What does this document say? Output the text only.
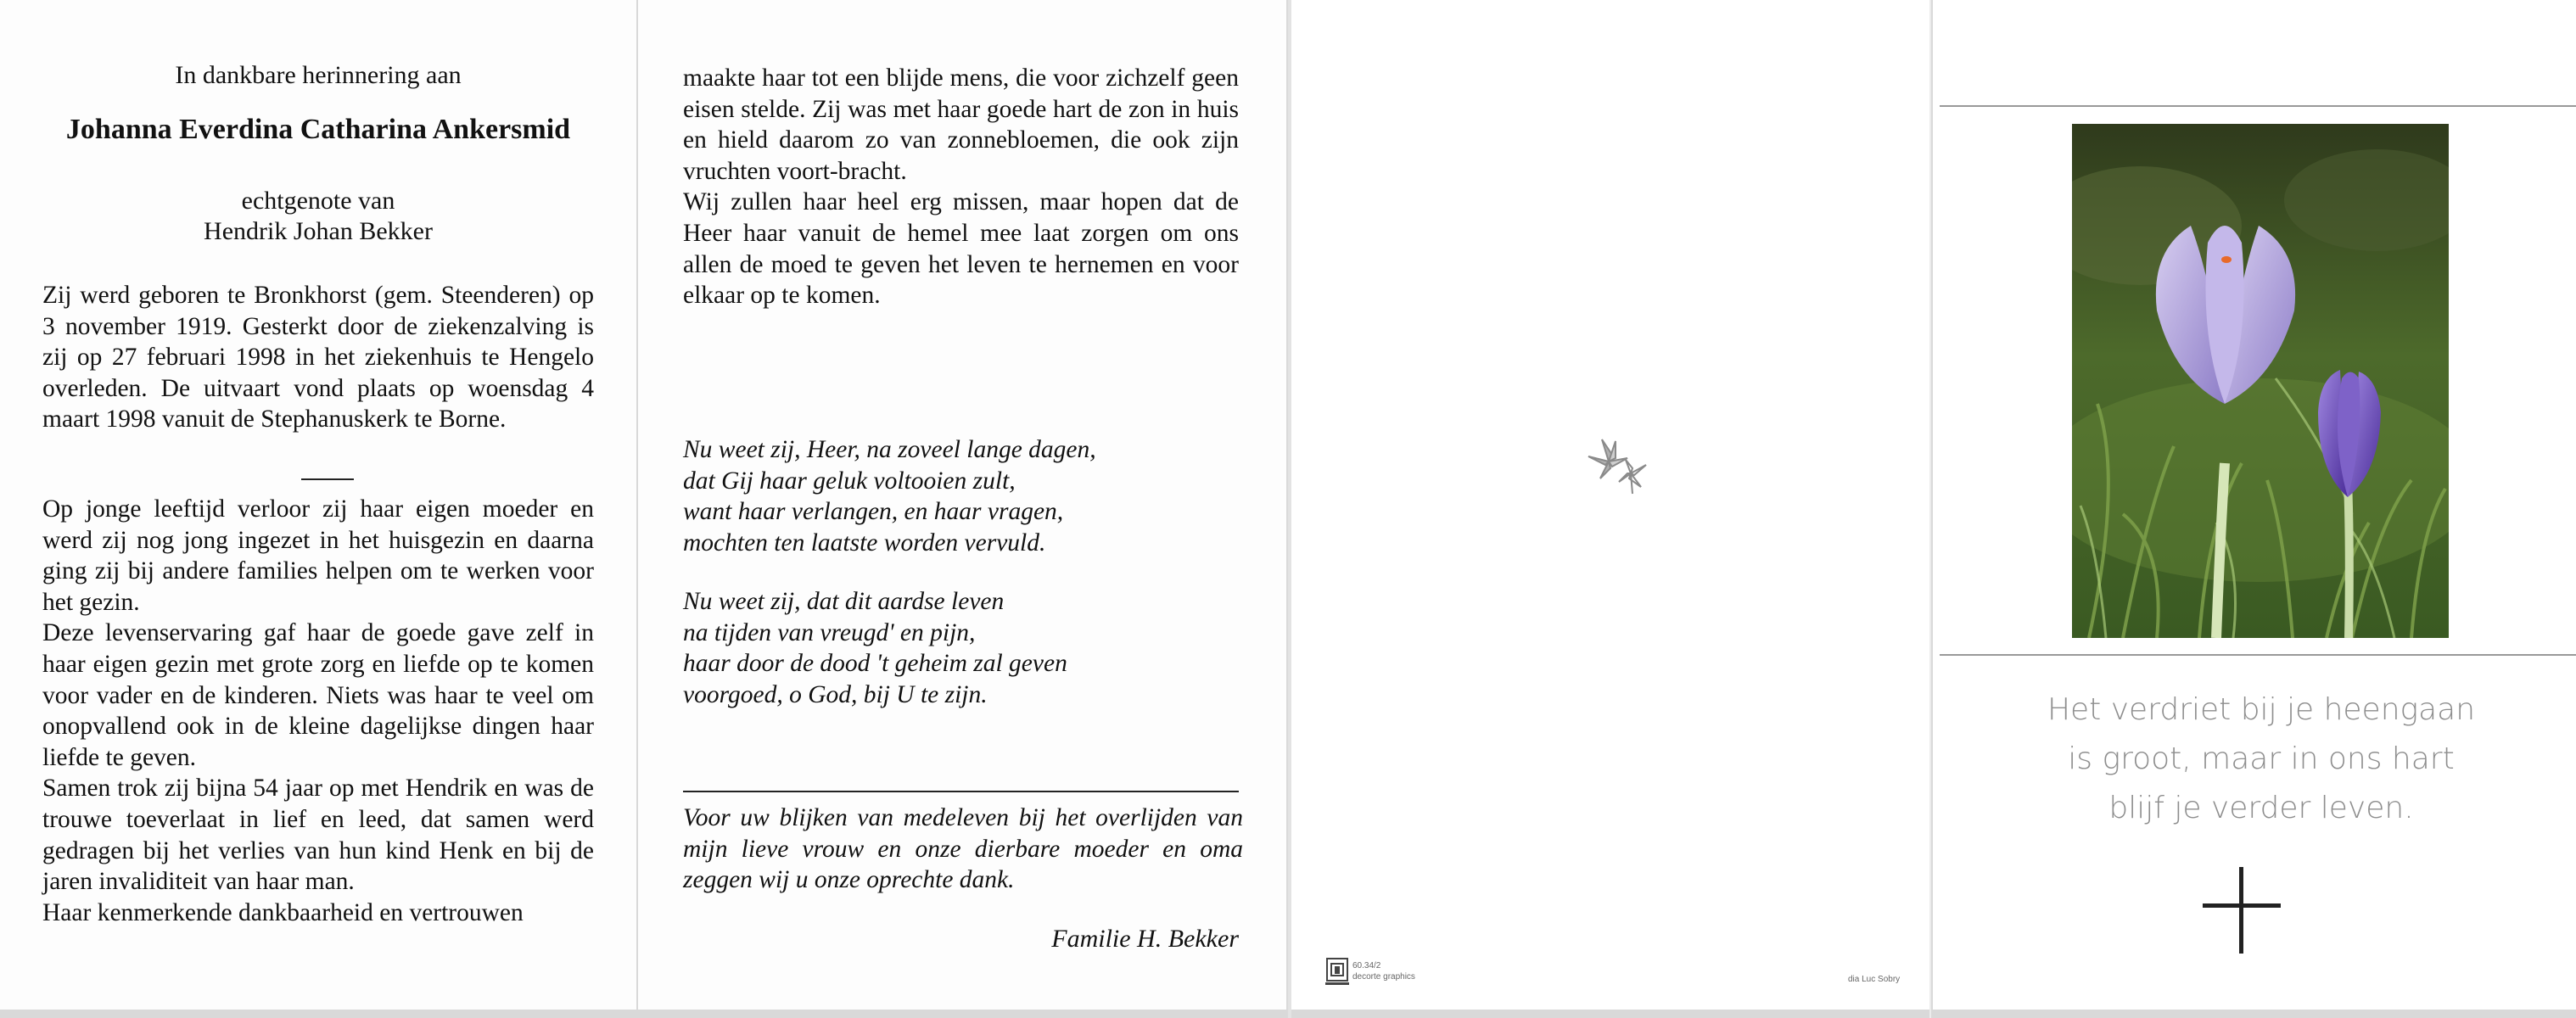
In dankbare herinnering aan
Johanna Everdina Catharina Ankersmid
echtgenote van
Hendrik Johan Bekker
Zij werd geboren te Bronkhorst (gem. Steenderen) op 3 november 1919. Gesterkt door de ziekenzalving is zij op 27 februari 1998 in het ziekenhuis te Hengelo overleden. De uitvaart vond plaats op woensdag 4 maart 1998 vanuit de Stephanuskerk te Borne.
Op jonge leeftijd verloor zij haar eigen moeder en werd zij nog jong ingezet in het huisgezin en daarna ging zij bij andere families helpen om te werken voor het gezin.
Deze levenservaring gaf haar de goede gave zelf in haar eigen gezin met grote zorg en liefde op te komen voor vader en de kinderen. Niets was haar te veel om onopvallend ook in de kleine dagelijkse dingen haar liefde te geven.
Samen trok zij bijna 54 jaar op met Hendrik en was de trouwe toeverlaat in lief en leed, dat samen werd gedragen bij het verlies van hun kind Henk en bij de jaren invaliditeit van haar man.
Haar kenmerkende dankbaarheid en vertrouwen
maakte haar tot een blijde mens, die voor zichzelf geen eisen stelde. Zij was met haar goede hart de zon in huis en hield daarom zo van zonnebloemen, die ook zijn vruchten voort-bracht.
Wij zullen haar heel erg missen, maar hopen dat de Heer haar vanuit de hemel mee laat zorgen om ons allen de moed te geven het leven te hernemen en voor elkaar op te komen.
Nu weet zij, Heer, na zoveel lange dagen,
dat Gij haar geluk voltooien zult,
want haar verlangen, en haar vragen,
mochten ten laatste worden vervuld.
Nu weet zij, dat dit aardse leven
na tijden van vreugd' en pijn,
haar door de dood 't geheim zal geven
voorgoed, o God, bij U te zijn.
Voor uw blijken van medeleven bij het overlijden van mijn lieve vrouw en onze dierbare moeder en oma zeggen wij u onze oprechte dank.
Familie H. Bekker
60.34/2
decorte graphics	dia Luc Sobry
Het verdriet bij je heengaan
is groot, maar in ons hart
blijf je verder leven.
